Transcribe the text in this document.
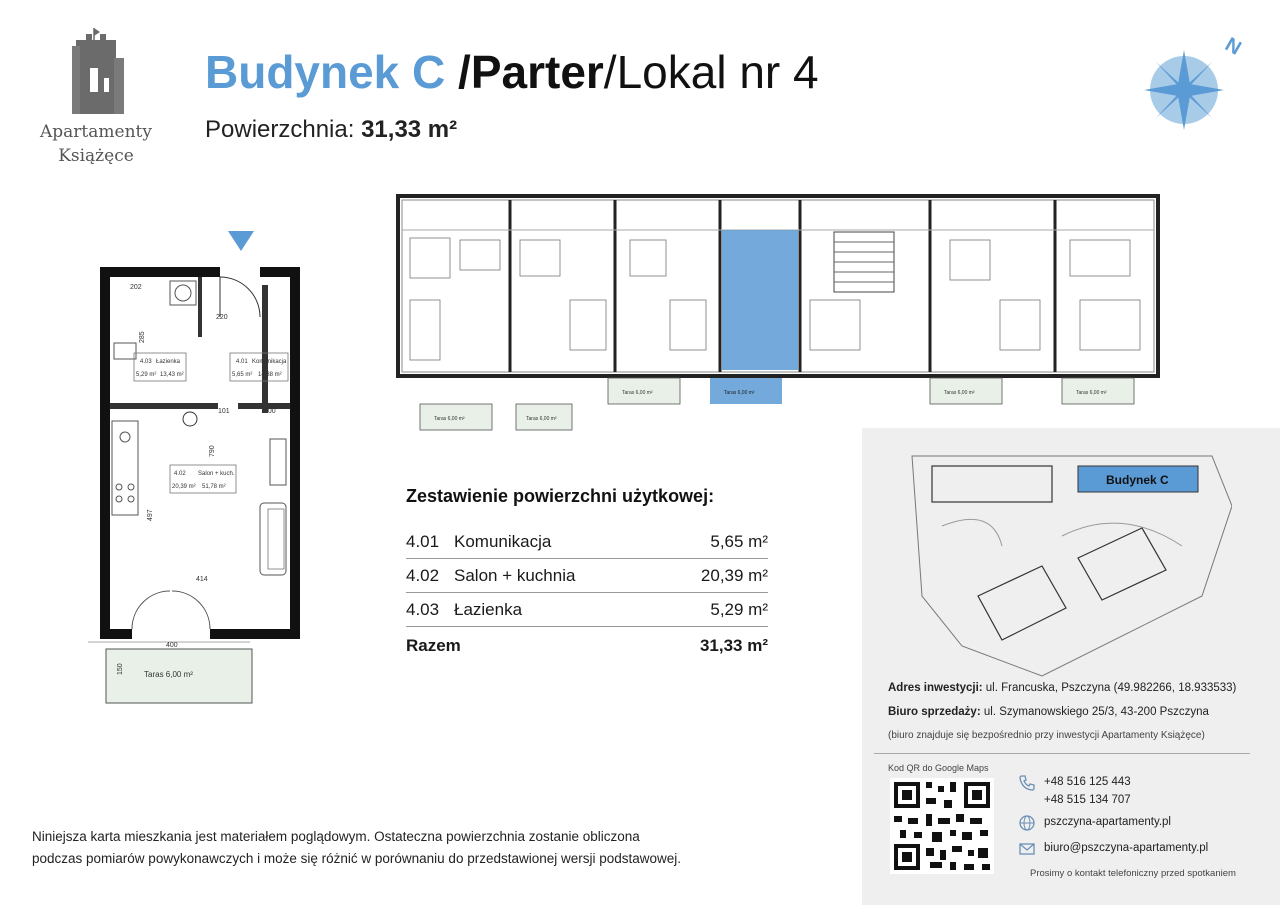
Apartamenty
Książęce
Budynek C /Parter/Lokal nr 4
Powierzchnia: 31,33 m²
N
4.03 Łazienka
5,29 m² 13,43 m²
4.01 Komunikacja
5,65 m² 14,38 m²
4.02 Salon + kuch.
20,39 m² 51,78 m²
202
285
220
101	100
790
497
414
400
Taras 6,00 m²
150
Taras 6,00 m²	Taras 6,00 m²
Taras 6,00 m²	Taras 6,00 m²	Taras 6,00 m²	Taras 6,00 m²
Zestawienie powierzchni użytkowej:
4.01 Komunikacja	5,65 m²
4.02 Salon + kuchnia	20,39 m²
4.03 Łazienka	5,29 m²
Razem	31,33 m²
Budynek C
Adres inwestycji: ul. Francuska, Pszczyna (49.982266, 18.933533)
Biuro sprzedaży: ul. Szymanowskiego 25/3, 43-200 Pszczyna
(biuro znajduje się bezpośrednio przy inwestycji Apartamenty Książęce)
Kod QR do Google Maps
+48 516 125 443
+48 515 134 707
pszczyna-apartamenty.pl
biuro@pszczyna-apartamenty.pl
Prosimy o kontakt telefoniczny przed spotkaniem
Niniejsza karta mieszkania jest materiałem poglądowym. Ostateczna powierzchnia zostanie obliczona
podczas pomiarów powykonawczych i może się różnić w porównaniu do przedstawionej wersji podstawowej.
